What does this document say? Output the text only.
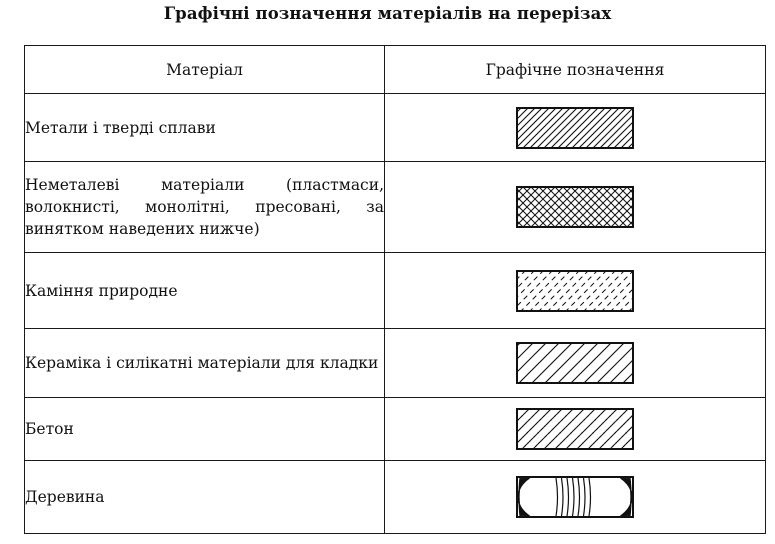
Графічні позначення матеріалів на перерізах
Матеріал	Графічне позначення
Метали і тверді сплави	

Неметалеві матеріали (пластмаси, волокнисті, монолітні, пресовані, за винятком наведених нижче)	

Каміння природне	

Кераміка і силікатні матеріали для кладки	

Бетон	

Деревина	
